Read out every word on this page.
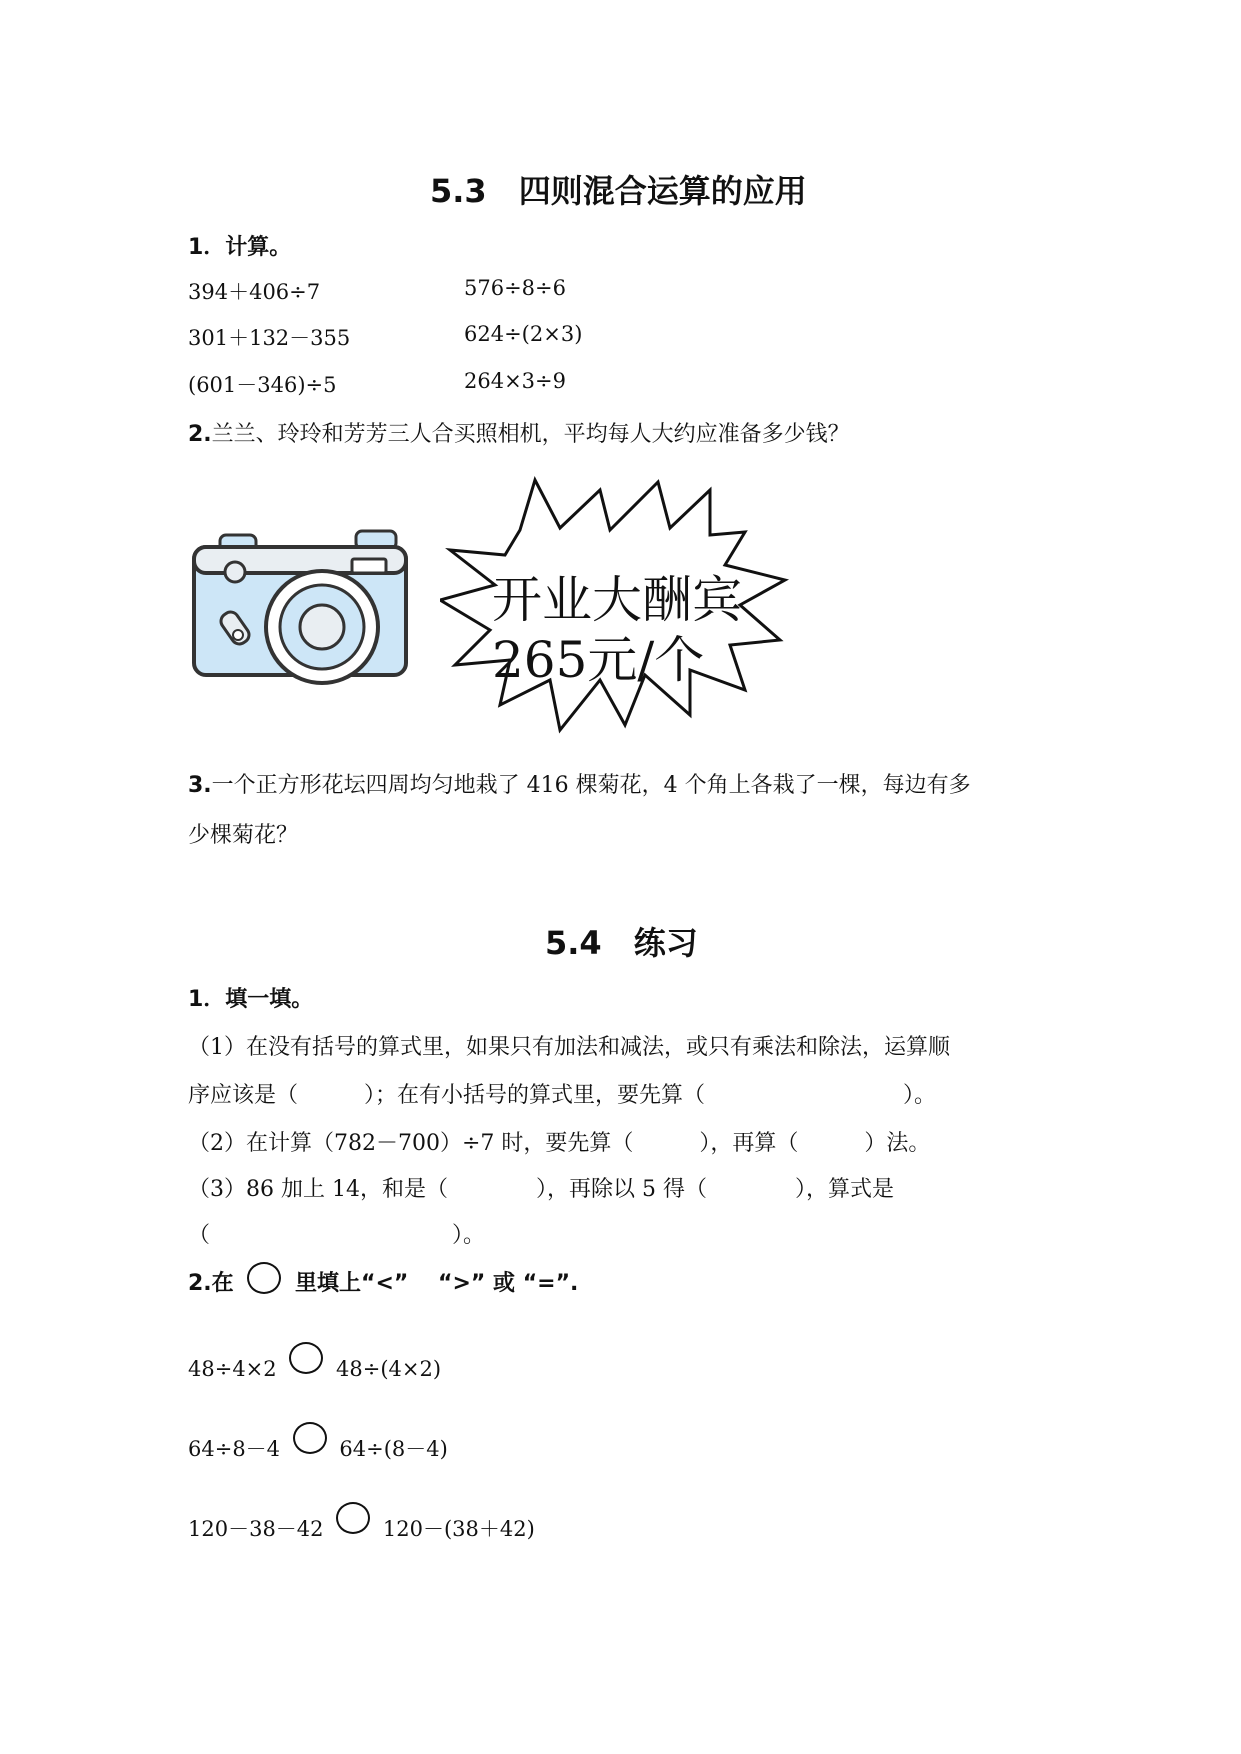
5.3　四则混合运算的应用
1．计算。
394＋406÷7	576÷8÷6
301＋132－355	624÷(2×3)
(601－346)÷5	264×3÷9
2.兰兰、玲玲和芳芳三人合买照相机，平均每人大约应准备多少钱？
开业大酬宾
265元/个
3.一个正方形花坛四周均匀地栽了 416 棵菊花，4 个角上各栽了一棵，每边有多
少棵菊花？
5.4　练习
1．填一填。
（1）在没有括号的算式里，如果只有加法和减法，或只有乘法和除法，运算顺
序应该是（　　　）；在有小括号的算式里，要先算（　　　　　　　　　）。
（2）在计算（782－700）÷7 时，要先算（　　　），再算（　　　）法。
（3）86 加上 14，和是（　　　　），再除以 5 得（　　　　），算式是
（　　　　　　　　　　　）。
2.在	里填上“<”　 “>” 或 “=”.
48÷4×2	48÷(4×2)
64÷8－4	64÷(8－4)
120－38－42	120－(38＋42)
